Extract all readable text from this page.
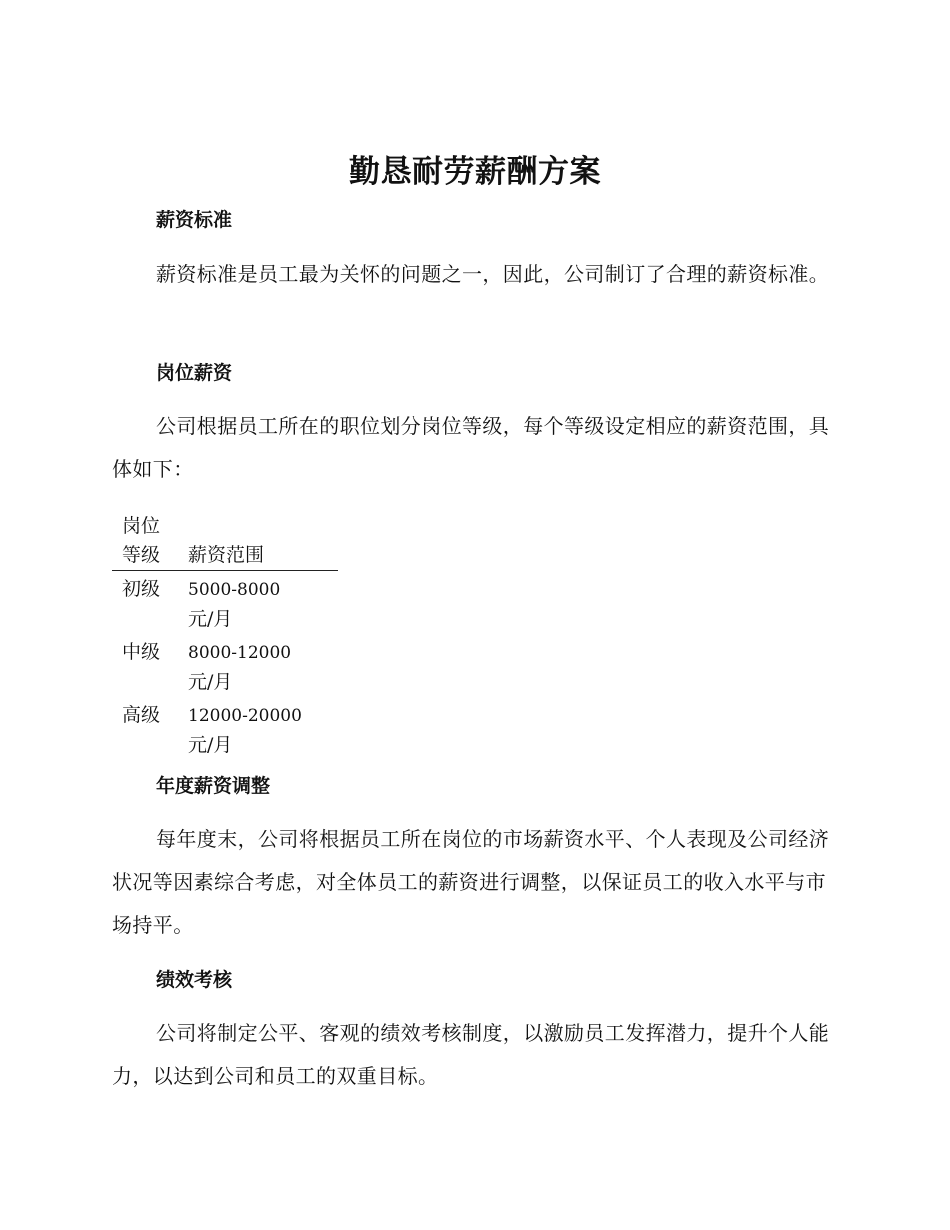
勤恳耐劳薪酬方案
薪资标准
薪资标准是员工最为关怀的问题之一，因此，公司制订了合理的薪资标准。
岗位薪资
公司根据员工所在的职位划分岗位等级，每个等级设定相应的薪资范围，具体如下：
岗位等级	薪资范围
初级	5000-8000
元/月
中级	8000-12000
元/月
高级	12000-20000
元/月
年度薪资调整
每年度末，公司将根据员工所在岗位的市场薪资水平、个人表现及公司经济状况等因素综合考虑，对全体员工的薪资进行调整，以保证员工的收入水平与市场持平。
绩效考核
公司将制定公平、客观的绩效考核制度，以激励员工发挥潜力，提升个人能力，以达到公司和员工的双重目标。
